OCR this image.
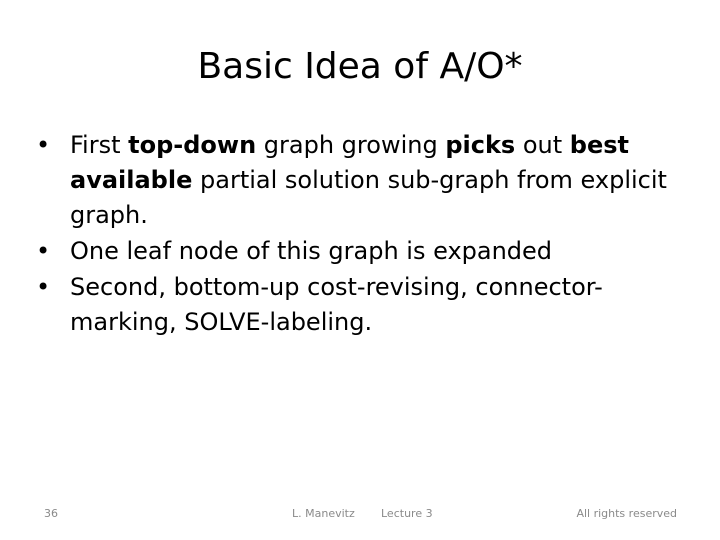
Basic Idea of A/O*
• First top-down graph growing picks out best available partial solution sub-graph from explicit graph.
• One leaf node of this graph is expanded
• Second, bottom-up cost-revising, connector-marking, SOLVE-labeling.
36	L. Manevitz Lecture 3	All rights reserved
